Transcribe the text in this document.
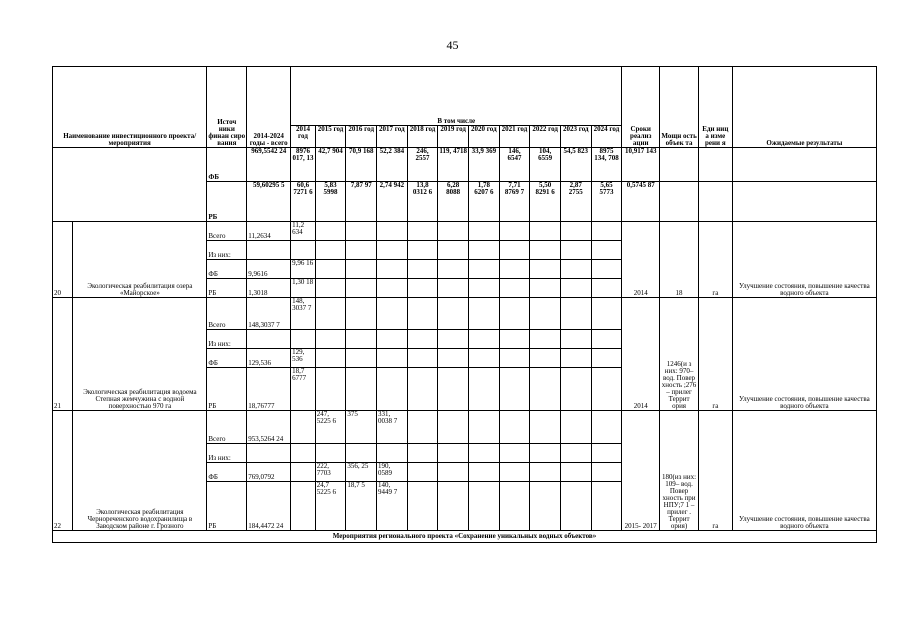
45
Наименование инвестиционного проекта/мероприятия		Источ ники финан сиро вания	2014-2024 годы - всего	В том числе											Сроки реализ ации	Мощн ость объек та	Еди ниц а изме рени я	Ожидаемые результаты
				2014 год	2015 год	2016 год	2017 год	2018 год	2019 год	2020 год	2021 год	2022 год	2023 год	2024 год				
		ФБ	969,5542 24	8976 017, 13	42,7 904	70,9 168	52,2 384	246, 2557	119, 4718	33,9 369	146, 6547	104, 6559	54,5 823	8975 134, 708	10,917 143			
		РБ	59,60295 5	60,6 7271 6	5,83 5998	7,87 97	2,74 942	13,8 0312 6	6,28 8088	1,78 6207 6	7,71 8769 7	5,50 8291 6	2,87 2755	5,65 5773	0,5745 87			
20	Экологическая реабилитация озера «Майорское»	Всего	11,2634	11,2 634											2014	18	га	Улучшение состояния, повышение качества водного объекта
		Из них:																
		ФБ	9,9616	9,96 16														
		РБ	1,3018	1,30 18														
21	Экологическая реабилитация водоема Степная жемчужина с водной поверхностью 970 га	Всего	148,3037 7	148, 3037 7											2014	1246(и з них: 970– вод. Повер хность ;276 – прилег Террит ория	га	Улучшение состояния, повышение качества водного объекта
		Из них:																
		ФБ	129,536	129, 536														
		РБ	18,76777	18,7 6777														
22	Экологическая реабилитация Чернореченского водохранилища в Заводском районе г. Грозного	Всего	953,5264 24		247, 5225 6	375	331, 0038 7								2015- 2017	180(из них: 109– вод. Повер хность при НПУ;7 1 – прилег . Террит ория)	га	Улучшение состояния, повышение качества водного объекта
		Из них:																
		ФБ	769,0792		222, 7703	356, 25	190, 0589											
		РБ	184,4472 24		24,7 5225 6	18,7 5	140, 9449 7											
Мероприятия регионального проекта «Сохранение уникальных водных объектов»																		
